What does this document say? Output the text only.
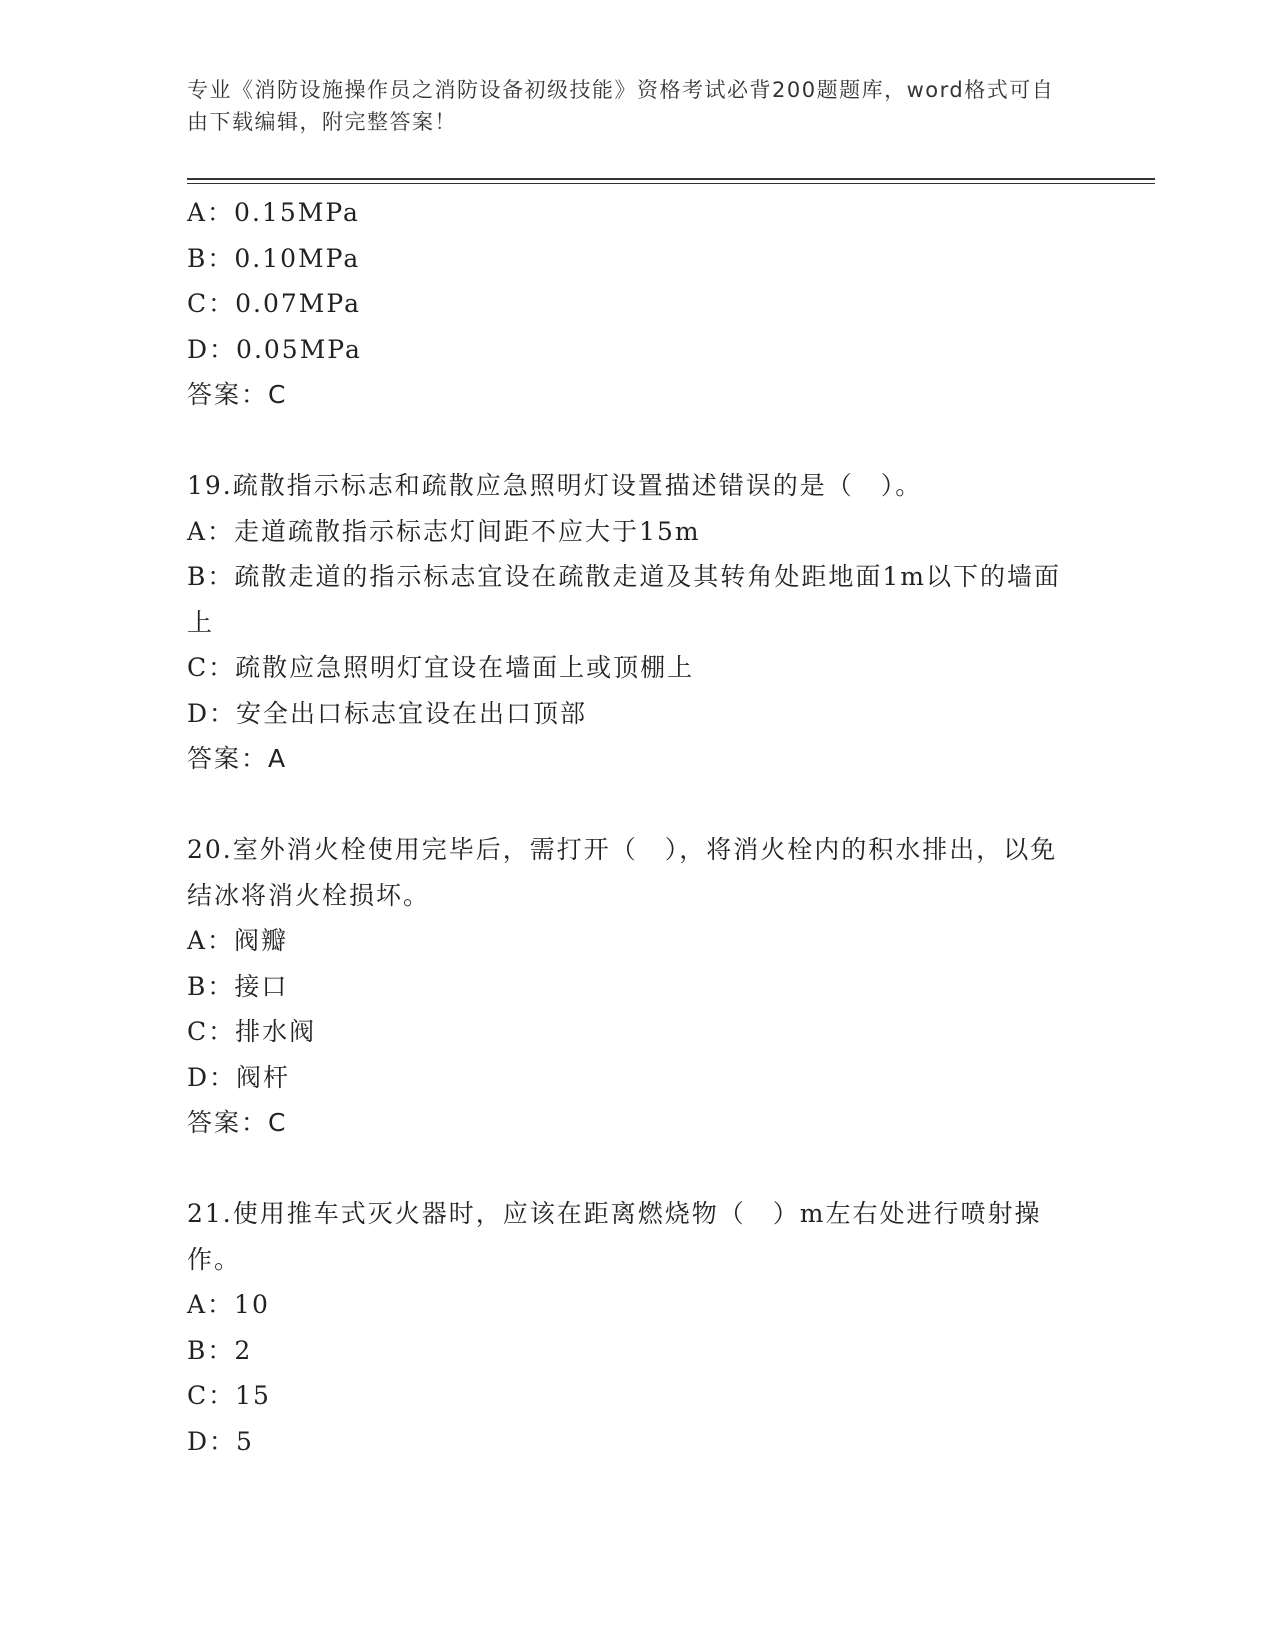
专业《消防设施操作员之消防设备初级技能》资格考试必背200题题库，word格式可自由下载编辑，附完整答案！
A：0.15MPa
B：0.10MPa
C：0.07MPa
D：0.05MPa
答案：C
19.疏散指示标志和疏散应急照明灯设置描述错误的是（　）。
A：走道疏散指示标志灯间距不应大于15m
B：疏散走道的指示标志宜设在疏散走道及其转角处距地面1m以下的墙面上
C：疏散应急照明灯宜设在墙面上或顶棚上
D：安全出口标志宜设在出口顶部
答案：A
20.室外消火栓使用完毕后，需打开（　），将消火栓内的积水排出，以免结冰将消火栓损坏。
A：阀瓣
B：接口
C：排水阀
D：阀杆
答案：C
21.使用推车式灭火器时，应该在距离燃烧物（　）m左右处进行喷射操作。
A：10
B：2
C：15
D：5
